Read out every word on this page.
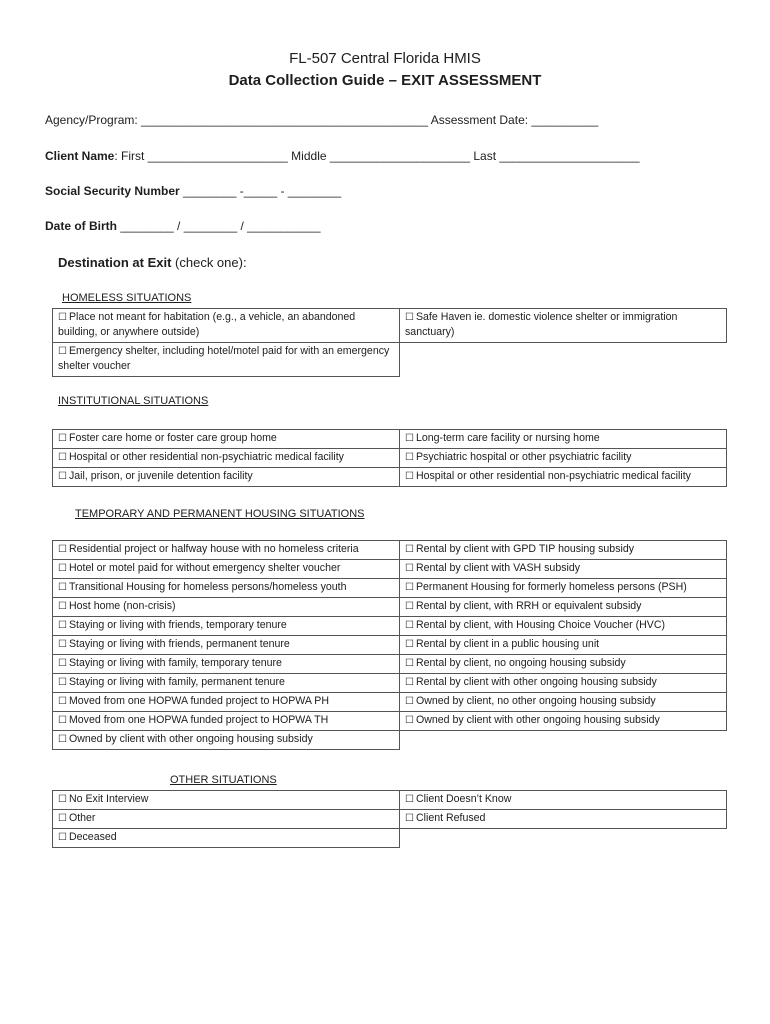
FL-507 Central Florida HMIS
Data Collection Guide – EXIT ASSESSMENT
Agency/Program: ___________________________________________ Assessment Date: __________
Client Name: First _____________________ Middle _____________________ Last _____________________
Social Security Number ________ -_____ - ________
Date of Birth ________ / ________ / ___________
Destination at Exit (check one):
HOMELESS SITUATIONS
☐ Place not meant for habitation (e.g., a vehicle, an abandoned building, or anywhere outside)	☐ Safe Haven ie. domestic violence shelter or immigration sanctuary)
☐ Emergency shelter, including hotel/motel paid for with an emergency shelter voucher	
INSTITUTIONAL SITUATIONS
☐ Foster care home or foster care group home	☐ Long-term care facility or nursing home
☐ Hospital or other residential non-psychiatric medical facility	☐ Psychiatric hospital or other psychiatric facility
☐ Jail, prison, or juvenile detention facility	☐ Hospital or other residential non-psychiatric medical facility
TEMPORARY AND PERMANENT HOUSING SITUATIONS
☐ Residential project or halfway house with no homeless criteria	☐ Rental by client with GPD TIP housing subsidy
☐ Hotel or motel paid for without emergency shelter voucher	☐ Rental by client with VASH subsidy
☐ Transitional Housing for homeless persons/homeless youth	☐ Permanent Housing for formerly homeless persons (PSH)
☐ Host home (non-crisis)	☐ Rental by client, with RRH or equivalent subsidy
☐ Staying or living with friends, temporary tenure	☐ Rental by client, with Housing Choice Voucher (HVC)
☐ Staying or living with friends, permanent tenure	☐ Rental by client in a public housing unit
☐ Staying or living with family, temporary tenure	☐ Rental by client, no ongoing housing subsidy
☐ Staying or living with family, permanent tenure	☐ Rental by client with other ongoing housing subsidy
☐ Moved from one HOPWA funded project to HOPWA PH	☐ Owned by client, no other ongoing housing subsidy
☐ Moved from one HOPWA funded project to HOPWA TH	☐ Owned by client with other ongoing housing subsidy
☐ Owned by client with other ongoing housing subsidy	
OTHER SITUATIONS
☐ No Exit Interview	☐ Client Doesn’t Know
☐ Other	☐ Client Refused
☐ Deceased	
